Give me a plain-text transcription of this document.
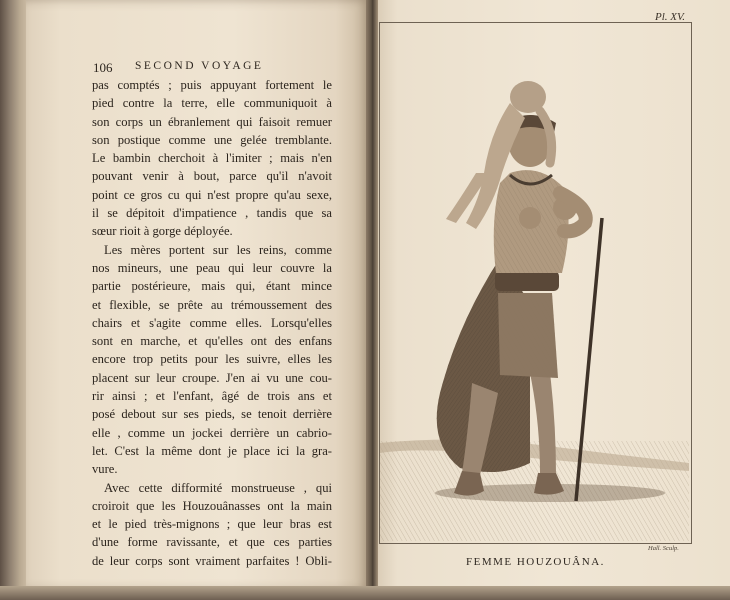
106 SECOND VOYAGE
pas comptés ; puis appuyant fortement le
pied contre la terre, elle communiquoit à
son corps un ébranlement qui faisoit remuer
son postique comme une gelée tremblante.
Le bambin cherchoit à l'imiter ; mais n'en
pouvant venir à bout, parce qu'il n'avoit
point ce gros cu qui n'est propre qu'au sexe,
il se dépitoit d'impatience , tandis que sa
sœur rioit à gorge déployée.
Les mères portent sur les reins, comme
nos mineurs, une peau qui leur couvre la
partie postérieure, mais qui, étant mince
et flexible, se prête au trémoussement des
chairs et s'agite comme elles. Lorsqu'elles
sont en marche, et qu'elles ont des enfans
encore trop petits pour les suivre, elles les
placent sur leur croupe. J'en ai vu une cou-
rir ainsi ; et l'enfant, âgé de trois ans et
posé debout sur ses pieds, se tenoit derrière
elle , comme un jockei derrière un cabrio-
let. C'est la même dont je place ici la gra-
vure.
Avec cette difformité monstrueuse , qui
croiroit que les Houzouânasses ont la main
et le pied très-mignons ; que leur bras est
d'une forme ravissante, et que ces parties
de leur corps sont vraiment parfaites ! Obli-
Pl. XV.
Hall. Sculp.
FEMME HOUZOUÂNA.
